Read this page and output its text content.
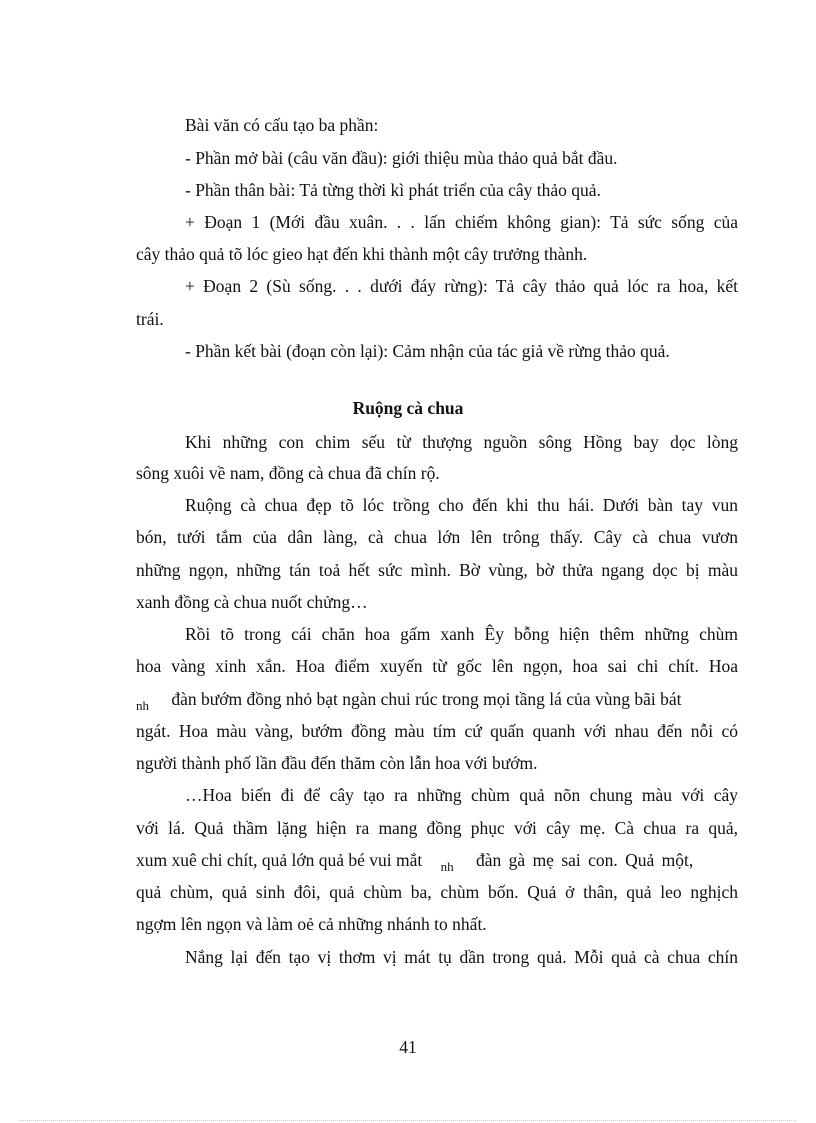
Bài văn có cấu tạo ba phần:
- Phần mở bài (câu văn đầu): giới thiệu mùa thảo quả bắt đầu.
- Phần thân bài: Tả từng thời kì phát triển của cây thảo quả.
+ Đoạn 1 (Mới đầu xuân. . . lấn chiếm không gian): Tả sức sống của
cây thảo quả tõ lóc gieo hạt đến khi thành một cây trưởng thành.
+ Đoạn 2 (Sù sống. . . dưới đáy rừng): Tả cây thảo quả lóc ra hoa, kết
trái.
- Phần kết bài (đoạn còn lại): Cảm nhận của tác giả về rừng thảo quả.
Ruộng cà chua
Khi những con chim sếu từ thượng nguồn sông Hồng bay dọc lòng
sông xuôi về nam, đồng cà chua đã chín rộ.
Ruộng cà chua đẹp tõ lóc trồng cho đến khi thu hái. Dưới bàn tay vun
bón, tưới tắm của dân làng, cà chua lớn lên trông thấy. Cây cà chua vươn
những ngọn, những tán toả hết sức mình. Bờ vùng, bờ thửa ngang dọc bị màu
xanh đồng cà chua nuốt chửng…
Rồi tõ trong cái chăn hoa gấm xanh Êy bỗng hiện thêm những chùm
hoa vàng xinh xắn. Hoa điểm xuyến từ gốc lên ngọn, hoa sai chi chít. Hoa
$_{nh}$ đàn bướm đồng nhỏ bạt ngàn chui rúc trong mọi tầng lá của vùng bãi bát
ngát. Hoa màu vàng, bướm đồng màu tím cứ quấn quanh với nhau đến nỗi có
người thành phố lần đầu đến thăm còn lẫn hoa với bướm.
…Hoa biến đi để cây tạo ra những chùm quả nõn chung màu với cây
với lá. Quả thầm lặng hiện ra mang đồng phục với cây mẹ. Cà chua ra quả,
xum xuê chi chít, quả lớn quả bé vui mắt $_{nh}$ đàn gà mẹ sai con. Quả một,
quả chùm, quả sinh đôi, quả chùm ba, chùm bốn. Quả ở thân, quả leo nghịch
ngợm lên ngọn và làm oẻ cả những nhánh to nhất.
Nắng lại đến tạo vị thơm vị mát tụ dần trong quả. Mỗi quả cà chua chín
41
